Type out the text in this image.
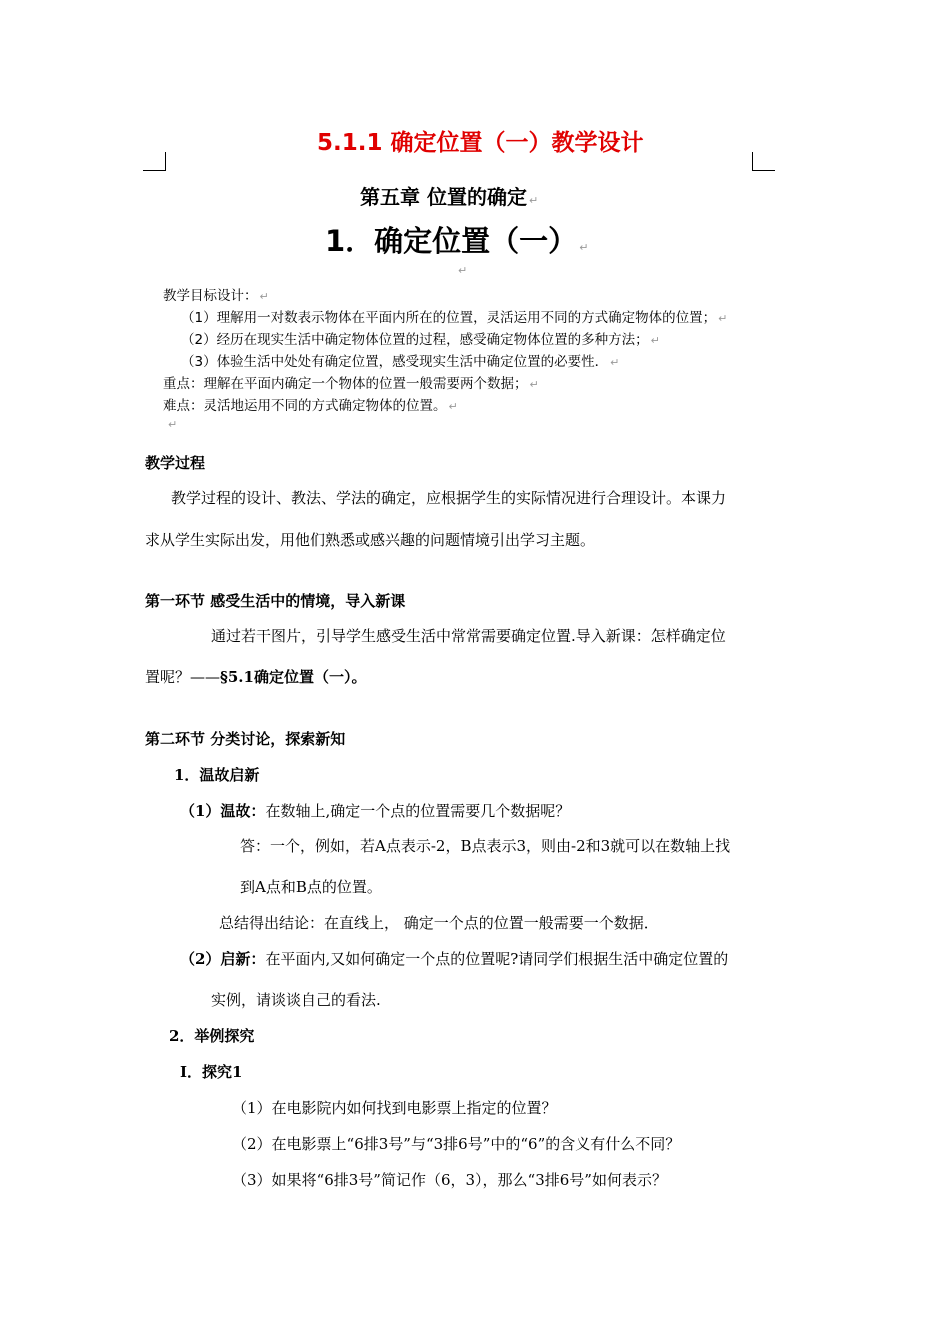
5.1.1 确定位置（一）教学设计
第五章 位置的确定 ↵
1．确定位置（一） ↵
↵
教学目标设计： ↵
（1）理解用一对数表示物体在平面内所在的位置，灵活运用不同的方式确定物体的位置； ↵
（2）经历在现实生活中确定物体位置的过程，感受确定物体位置的多种方法； ↵
（3）体验生活中处处有确定位置，感受现实生活中确定位置的必要性． ↵
重点：理解在平面内确定一个物体的位置一般需要两个数据； ↵
难点：灵活地运用不同的方式确定物体的位置。 ↵
↵
教学过程
教学过程的设计、教法、学法的确定，应根据学生的实际情况进行合理设计。本课力
求从学生实际出发，用他们熟悉或感兴趣的问题情境引出学习主题。
第一环节 感受生活中的情境，导入新课
通过若干图片，引导学生感受生活中常常需要确定位置.导入新课：怎样确定位
置呢？——§5.1确定位置（一）。
第二环节 分类讨论，探索新知
1．温故启新
（1）温故：在数轴上,确定一个点的位置需要几个数据呢？
答：一个，例如，若A点表示-2，B点表示3，则由-2和3就可以在数轴上找
到A点和B点的位置。
总结得出结论：在直线上， 确定一个点的位置一般需要一个数据．
（2）启新：在平面内,又如何确定一个点的位置呢?请同学们根据生活中确定位置的
实例，请谈谈自己的看法.
2．举例探究
Ⅰ．探究1
（1）在电影院内如何找到电影票上指定的位置？
（2）在电影票上“6排3号”与“3排6号”中的“6”的含义有什么不同？
（3）如果将“6排3号”简记作（6，3），那么“3排6号”如何表示？
